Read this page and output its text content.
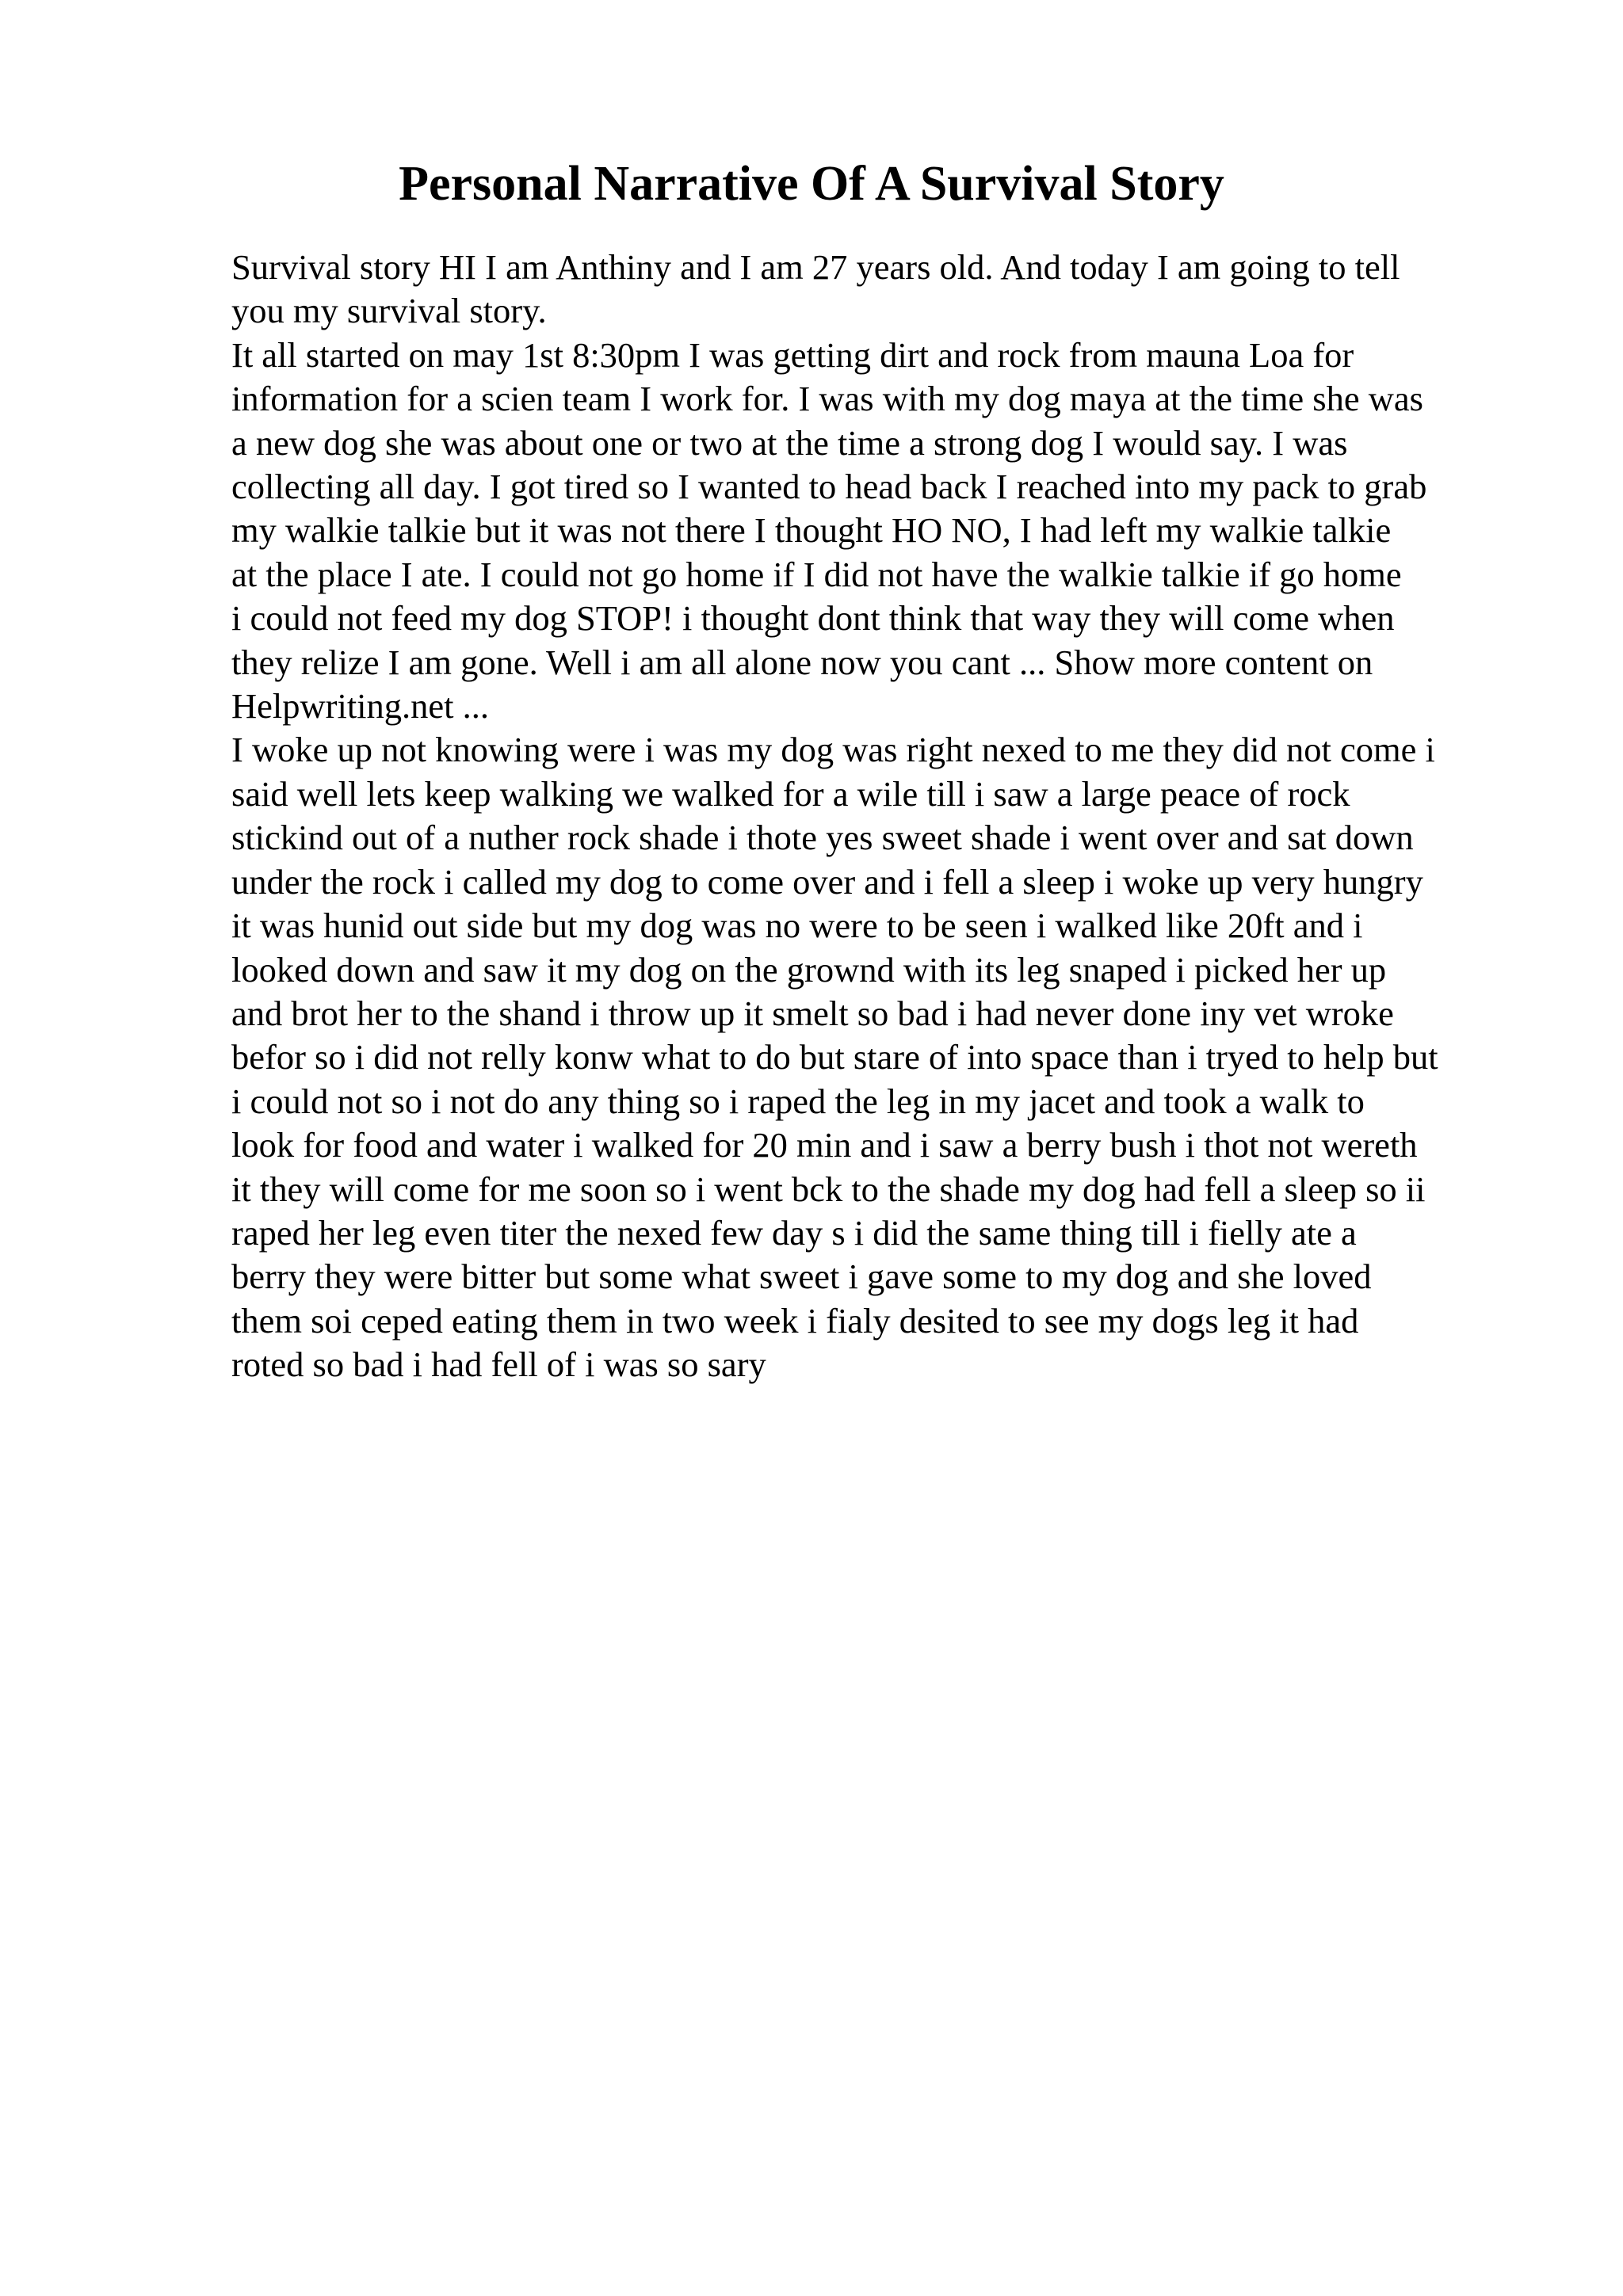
Personal Narrative Of A Survival Story
Survival story HI I am Anthiny and I am 27 years old. And today I am going to tell
you my survival story.
It all started on may 1st 8:30pm I was getting dirt and rock from mauna Loa for
information for a scien team I work for. I was with my dog maya at the time she was
a new dog she was about one or two at the time a strong dog I would say. I was
collecting all day. I got tired so I wanted to head back I reached into my pack to grab
my walkie talkie but it was not there I thought HO NO, I had left my walkie talkie
at the place I ate. I could not go home if I did not have the walkie talkie if go home
i could not feed my dog STOP! i thought dont think that way they will come when
they relize I am gone. Well i am all alone now you cant ... Show more content on
Helpwriting.net ...
I woke up not knowing were i was my dog was right nexed to me they did not come i
said well lets keep walking we walked for a wile till i saw a large peace of rock
stickind out of a nuther rock shade i thote yes sweet shade i went over and sat down
under the rock i called my dog to come over and i fell a sleep i woke up very hungry
it was hunid out side but my dog was no were to be seen i walked like 20ft and i
looked down and saw it my dog on the grownd with its leg snaped i picked her up
and brot her to the shand i throw up it smelt so bad i had never done iny vet wroke
befor so i did not relly konw what to do but stare of into space than i tryed to help but
i could not so i not do any thing so i raped the leg in my jacet and took a walk to
look for food and water i walked for 20 min and i saw a berry bush i thot not wereth
it they will come for me soon so i went bck to the shade my dog had fell a sleep so ii
raped her leg even titer the nexed few day s i did the same thing till i fielly ate a
berry they were bitter but some what sweet i gave some to my dog and she loved
them soi ceped eating them in two week i fialy desited to see my dogs leg it had
roted so bad i had fell of i was so sary
